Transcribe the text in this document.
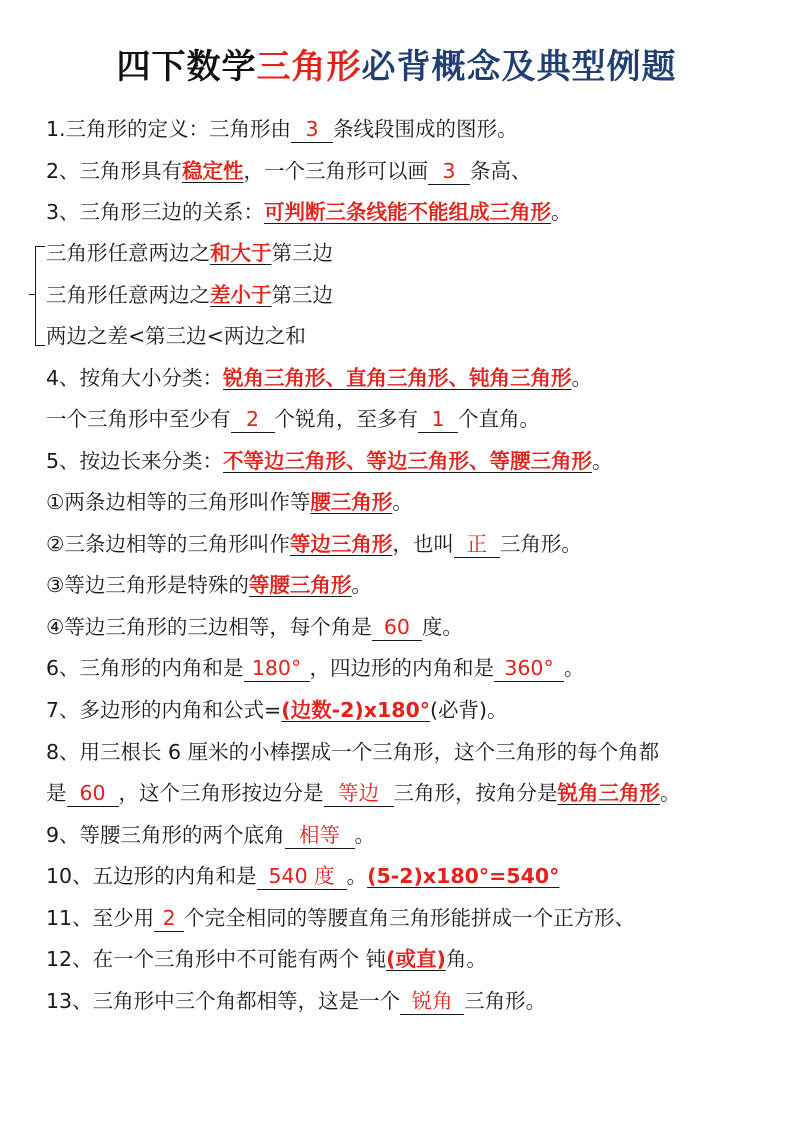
四下数学三角形必背概念及典型例题
1.三角形的定义：三角形由 3 条线段围成的图形。
2、三角形具有稳定性，一个三角形可以画 3 条高、
3、三角形三边的关系：可判断三条线能不能组成三角形。
三角形任意两边之和大于第三边
三角形任意两边之差小于第三边
两边之差<第三边<两边之和
4、按角大小分类：锐角三角形、直角三角形、钝角三角形。
一个三角形中至少有 2 个锐角，至多有 1 个直角。
5、按边长来分类：不等边三角形、等边三角形、等腰三角形。
①两条边相等的三角形叫作等腰三角形。
②三条边相等的三角形叫作等边三角形，也叫 正 三角形。
③等边三角形是特殊的等腰三角形。
④等边三角形的三边相等，每个角是 60 度。
6、三角形的内角和是 180° ，四边形的内角和是 360° 。
7、多边形的内角和公式=(边数-2)x180°(必背)。
8、用三根长 6 厘米的小棒摆成一个三角形，这个三角形的每个角都
是 60 ，这个三角形按边分是 等边 三角形，按角分是锐角三角形。
9、等腰三角形的两个底角 相等 。
10、五边形的内角和是 540 度 。(5-2)x180°=540°
11、至少用 2 个完全相同的等腰直角三角形能拼成一个正方形、
12、在一个三角形中不可能有两个 钝(或直)角。
13、三角形中三个角都相等，这是一个 锐角 三角形。
